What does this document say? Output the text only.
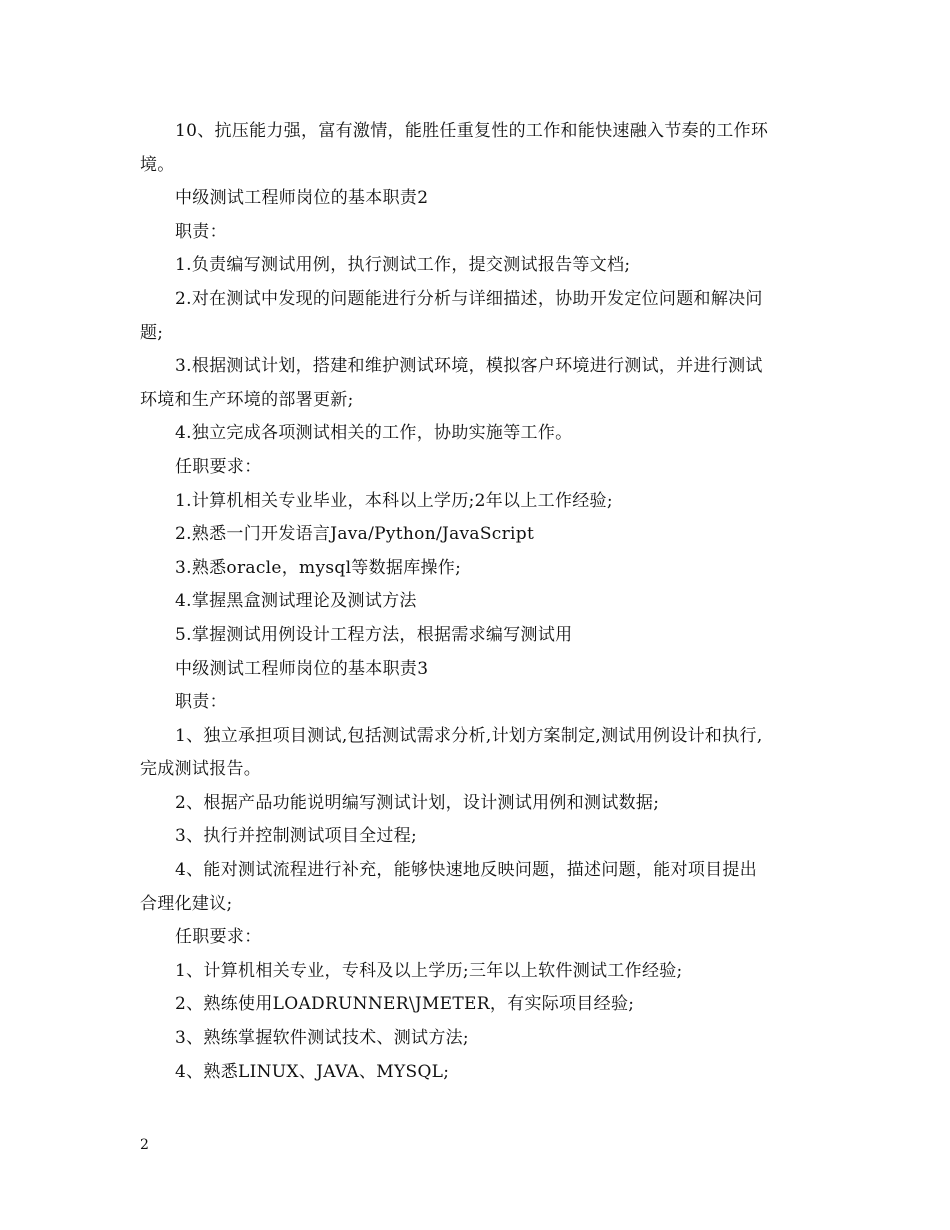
10、抗压能力强，富有激情，能胜任重复性的工作和能快速融入节奏的工作环
境。
中级测试工程师岗位的基本职责2
职责：
1.负责编写测试用例，执行测试工作，提交测试报告等文档;
2.对在测试中发现的问题能进行分析与详细描述，协助开发定位问题和解决问
题;
3.根据测试计划，搭建和维护测试环境，模拟客户环境进行测试，并进行测试
环境和生产环境的部署更新;
4.独立完成各项测试相关的工作，协助实施等工作。
任职要求：
1.计算机相关专业毕业，本科以上学历;2年以上工作经验;
2.熟悉一门开发语言Java/Python/JavaScript
3.熟悉oracle，mysql等数据库操作;
4.掌握黑盒测试理论及测试方法
5.掌握测试用例设计工程方法，根据需求编写测试用
中级测试工程师岗位的基本职责3
职责：
1、独立承担项目测试,包括测试需求分析,计划方案制定,测试用例设计和执行,
完成测试报告。
2、根据产品功能说明编写测试计划，设计测试用例和测试数据;
3、执行并控制测试项目全过程;
4、能对测试流程进行补充，能够快速地反映问题，描述问题，能对项目提出
合理化建议;
任职要求：
1、计算机相关专业，专科及以上学历;三年以上软件测试工作经验;
2、熟练使用LOADRUNNER\JMETER，有实际项目经验;
3、熟练掌握软件测试技术、测试方法;
4、熟悉LINUX、JAVA、MYSQL;
2
